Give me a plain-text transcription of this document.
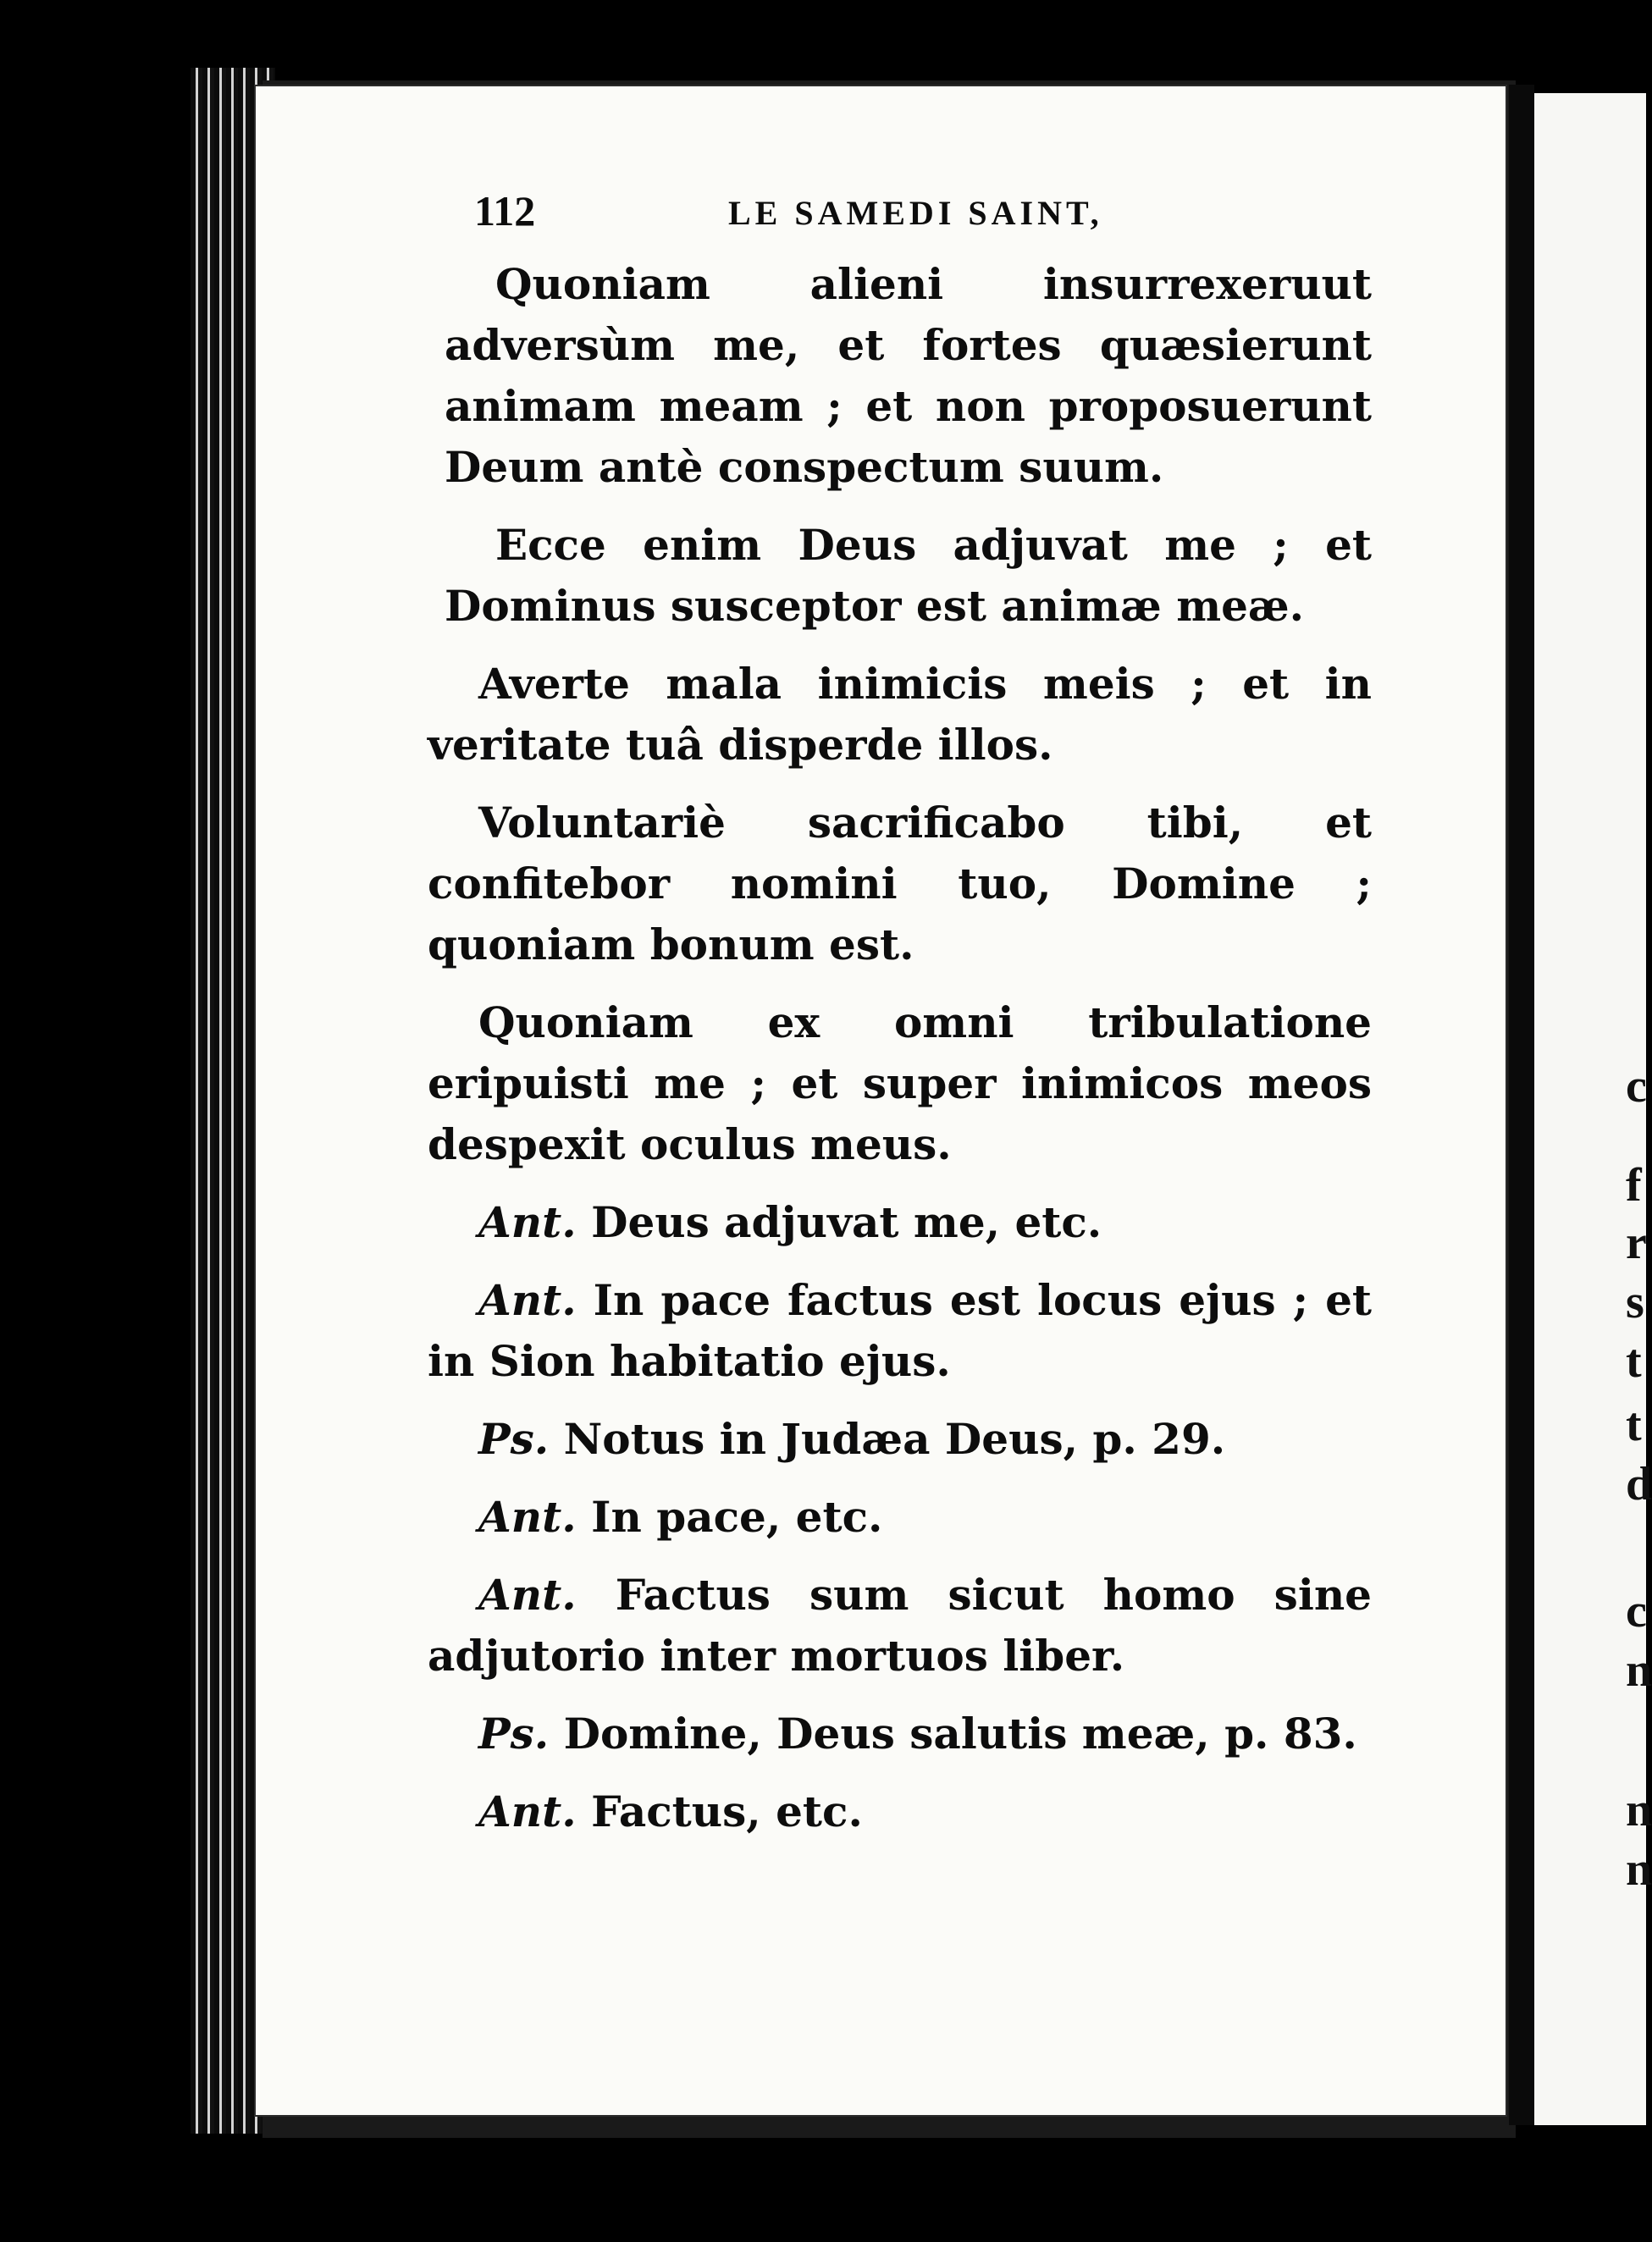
c
f
r
s
t
t
d
c
n
n
n
112	LE SAMEDI SAINT,

Quoniam alieni insurrexeruut adversùm me, et fortes quæsierunt animam meam ; et non proposuerunt Deum antè conspectum suum.

Ecce enim Deus adjuvat me ; et Dominus susceptor est animæ meæ.

Averte mala inimicis meis ; et in veritate tuâ disperde illos.

Voluntariè sacrificabo tibi, et confitebor nomini tuo, Domine ; quoniam bonum est.

Quoniam ex omni tribulatione eripuisti me ; et super inimicos meos despexit oculus meus.

Ant. Deus adjuvat me, etc.

Ant. In pace factus est locus ejus ; et in Sion habitatio ejus.

Ps. Notus in Judæa Deus, p. 29.

Ant. In pace, etc.

Ant. Factus sum sicut homo sine adjutorio inter mortuos liber.

Ps. Domine, Deus salutis meæ, p. 83.

Ant. Factus, etc.
